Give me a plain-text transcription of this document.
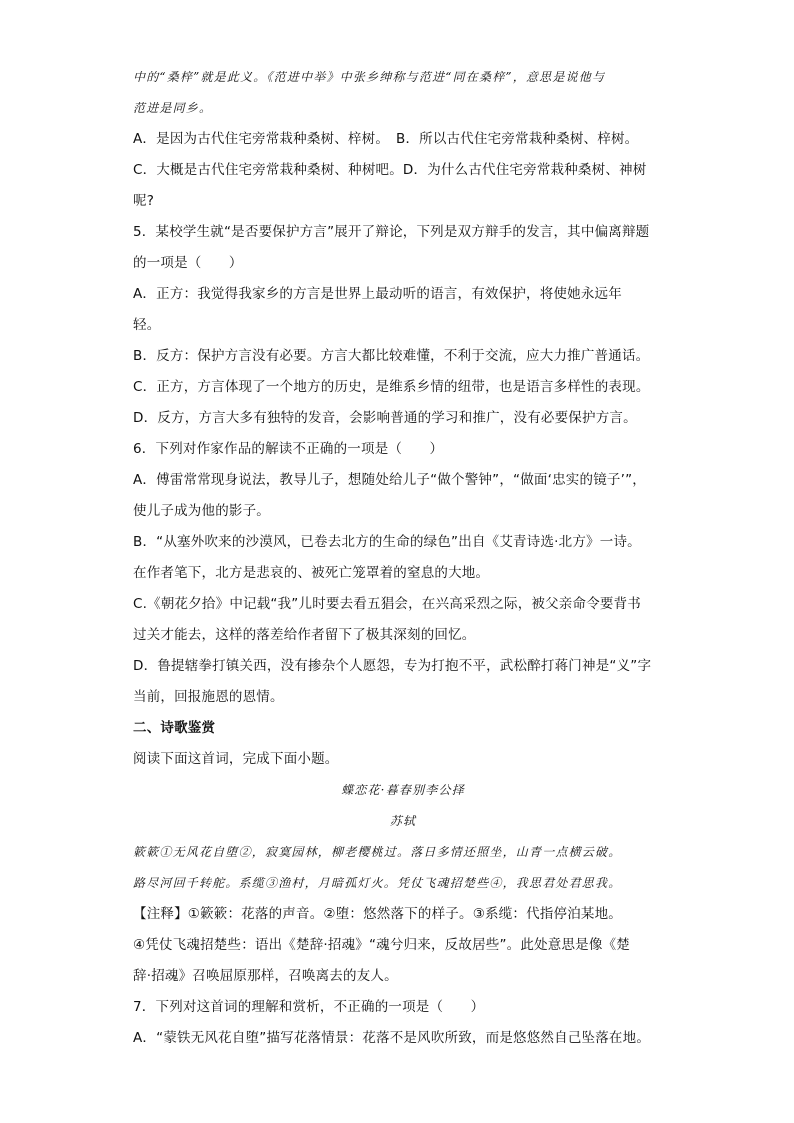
中的“桑梓”就是此义。《范进中举》中张乡绅称与范进“同在桑梓”，意思是说他与
范进是同乡。
A．是因为古代住宅旁常栽种桑树、梓树。　B．所以古代住宅旁常栽种桑树、梓树。
C．大概是古代住宅旁常栽种桑树、种树吧。D．为什么古代住宅旁常栽种桑树、神树
呢?
5．某校学生就“是否要保护方言”展开了辩论，下列是双方辩手的发言，其中偏离辩题
的一项是（　　）
A．正方：我觉得我家乡的方言是世界上最动听的语言，有效保护，将使她永远年
轻。
B．反方：保护方言没有必要。方言大都比较难懂，不利于交流，应大力推广普通话。
C．正方，方言体现了一个地方的历史，是维系乡情的纽带，也是语言多样性的表现。
D．反方，方言大多有独特的发音，会影响普通的学习和推广，没有必要保护方言。
6．下列对作家作品的解读不正确的一项是（　　）
A．傅雷常常现身说法，教导儿子，想随处给儿子“做个警钟”，“做面‘忠实的镜子’”，
使儿子成为他的影子。
B．“从塞外吹来的沙漠风，已卷去北方的生命的绿色”出自《艾青诗选·北方》一诗。
在作者笔下，北方是悲哀的、被死亡笼罩着的窒息的大地。
C.《朝花夕拾》中记载“我”儿时要去看五猖会，在兴高采烈之际，被父亲命令要背书
过关才能去，这样的落差给作者留下了极其深刻的回忆。
D．鲁提辖拳打镇关西，没有掺杂个人愿怨，专为打抱不平，武松醉打蒋门神是“义”字
当前，回报施恩的恩情。
二、诗歌鉴赏
阅读下面这首词，完成下面小题。
蝶恋花·暮春别李公择
苏轼
簌簌①无风花自堕②，寂寞园林，柳老樱桃过。落日多情还照坐，山青一点横云破。
路尽河回千转舵。系缆③渔村，月暗孤灯火。凭仗飞魂招楚些④，我思君处君思我。
【注释】①簌簌：花落的声音。②堕：悠然落下的样子。③系缆：代指停泊某地。
④凭仗飞魂招楚些：语出《楚辞·招魂》“魂兮归来，反故居些”。此处意思是像《楚
辞·招魂》召唤屈原那样，召唤离去的友人。
7．下列对这首词的理解和赏析，不正确的一项是（　　）
A．“蒙铁无风花自堕”描写花落情景：花落不是风吹所致，而是悠悠然自己坠落在地。
